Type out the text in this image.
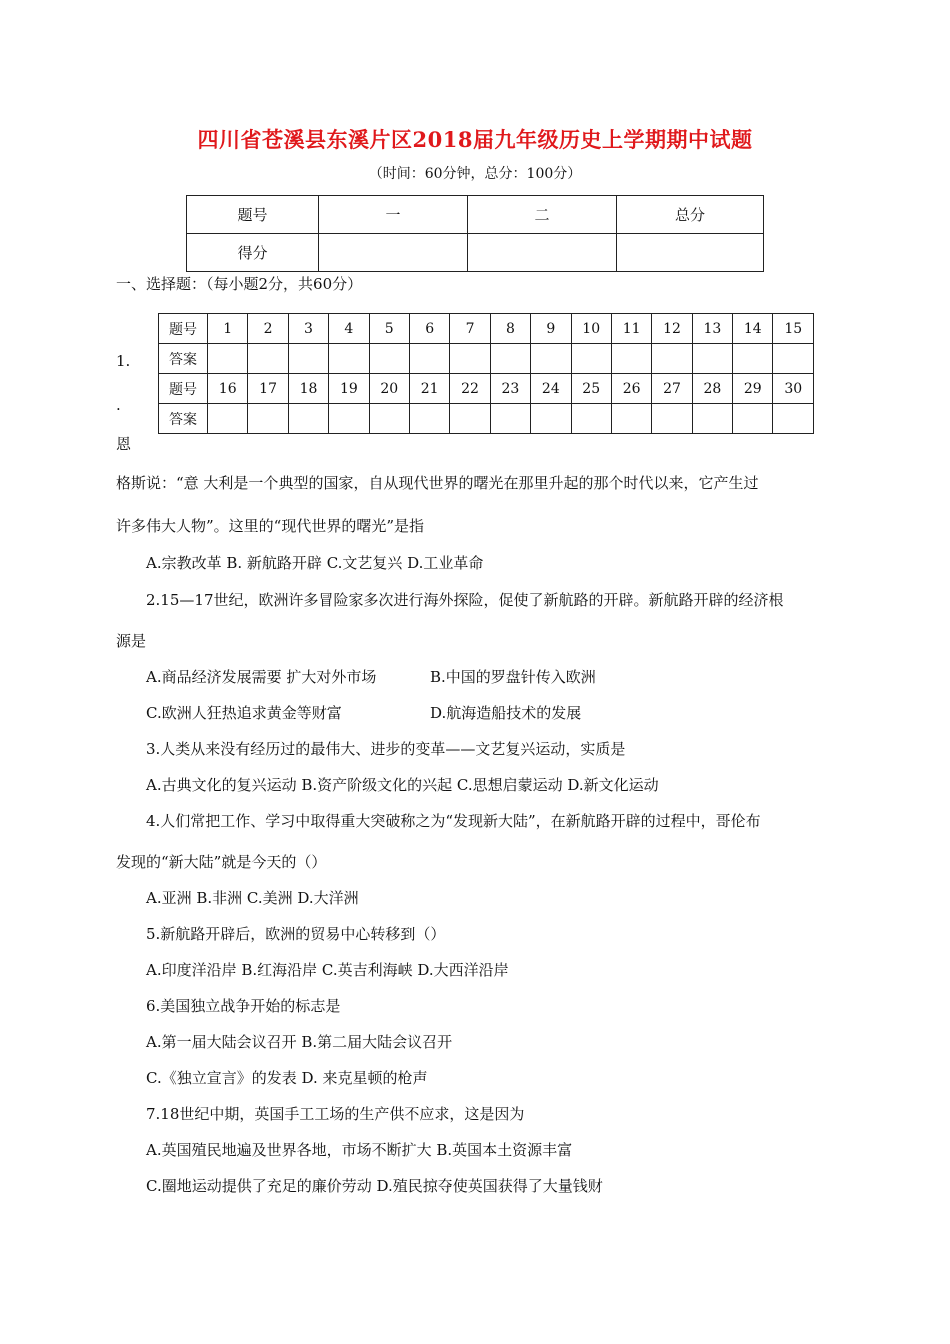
四川省苍溪县东溪片区2018届九年级历史上学期期中试题
（时间：60分钟，总分：100分）
题号	一	二	总分
得分			
一、选择题：（每小题2分，共60分）
题号	1	2	3	4	5	6	7	8	9	10	11	12	13	14	15
答案															
题号	16	17	18	19	20	21	22	23	24	25	26	27	28	29	30
答案															
1.
.
恩
格斯说：“意 大利是一个典型的国家，自从现代世界的曙光在那里升起的那个时代以来，它产生过
许多伟大人物”。这里的“现代世界的曙光”是指
A.宗教改革 B. 新航路开辟 C.文艺复兴 D.工业革命
2.15—17世纪，欧洲许多冒险家多次进行海外探险，促使了新航路的开辟。新航路开辟的经济根
源是
A.商品经济发展需要 扩大对外市场	B.中国的罗盘针传入欧洲
C.欧洲人狂热追求黄金等财富	D.航海造船技术的发展
3.人类从来没有经历过的最伟大、进步的变革——文艺复兴运动，实质是
A.古典文化的复兴运动 B.资产阶级文化的兴起 C.思想启蒙运动 D.新文化运动
4.人们常把工作、学习中取得重大突破称之为“发现新大陆”，在新航路开辟的过程中，哥伦布
发现的“新大陆”就是今天的（）
A.亚洲 B.非洲 C.美洲 D.大洋洲
5.新航路开辟后，欧洲的贸易中心转移到（）
A.印度洋沿岸 B.红海沿岸 C.英吉利海峡 D.大西洋沿岸
6.美国独立战争开始的标志是
A.第一届大陆会议召开 B.第二届大陆会议召开
C.《独立宣言》的发表 D. 来克星顿的枪声
7.18世纪中期，英国手工工场的生产供不应求，这是因为
A.英国殖民地遍及世界各地，市场不断扩大 B.英国本土资源丰富
C.圈地运动提供了充足的廉价劳动 D.殖民掠夺使英国获得了大量钱财
